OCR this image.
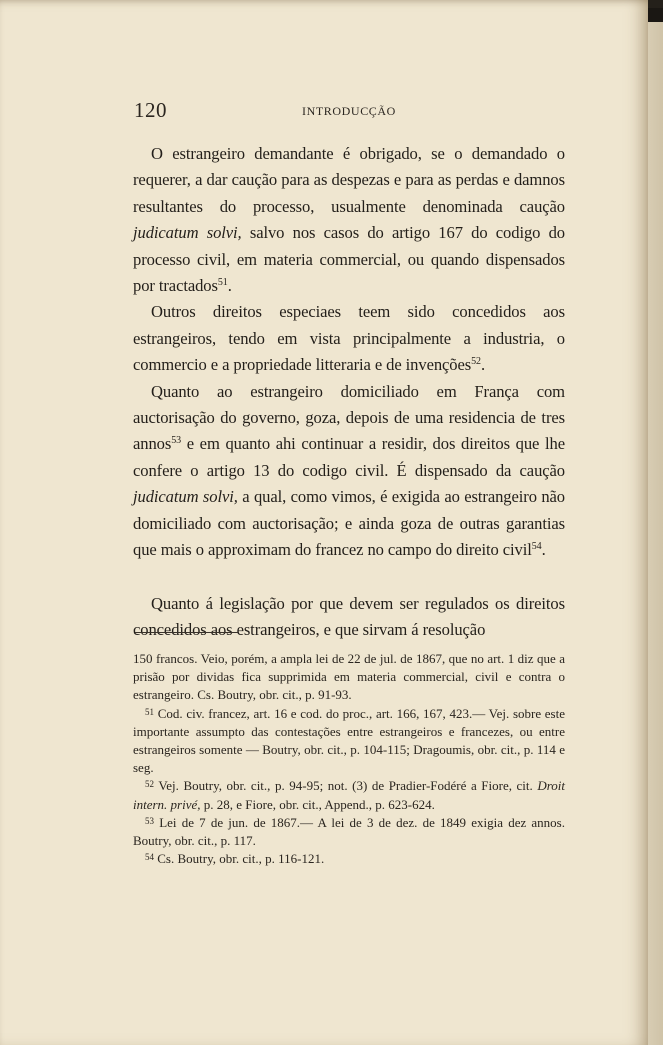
120	INTRODUCÇÃO

O estrangeiro demandante é obrigado, se o demandado o requerer, a dar caução para as despezas e para as perdas e damnos resultantes do processo, usualmente denominada caução judicatum solvi, salvo nos casos do artigo 167 do codigo do processo civil, em materia commercial, ou quando dispensados por tractados$^{51}$.

Outros direitos especiaes teem sido concedidos aos estrangeiros, tendo em vista principalmente a industria, o commercio e a propriedade litteraria e de invenções$^{52}$.

Quanto ao estrangeiro domiciliado em França com auctorisação do governo, goza, depois de uma residencia de tres annos$^{53}$ e em quanto ahi continuar a residir, dos direitos que lhe confere o artigo 13 do codigo civil. É dispensado da caução judicatum solvi, a qual, como vimos, é exigida ao estrangeiro não domiciliado com auctorisação; e ainda goza de outras garantias que mais o approximam do francez no campo do direito civil$^{54}$.

Quanto á legislação por que devem ser regulados os direitos concedidos aos estrangeiros, e que sirvam á resolução

150 francos. Veio, porém, a ampla lei de 22 de jul. de 1867, que no art. 1 diz que a prisão por dividas fica supprimida em materia commercial, civil e contra o estrangeiro. Cs. Boutry, obr. cit., p. 91-93.

$^{51}$ Cod. civ. francez, art. 16 e cod. do proc., art. 166, 167, 423.— Vej. sobre este importante assumpto das contestações entre estrangeiros e francezes, ou entre estrangeiros somente — Boutry, obr. cit., p. 104-115; Dragoumis, obr. cit., p. 114 e seg.

$^{52}$ Vej. Boutry, obr. cit., p. 94-95; not. (3) de Pradier-Fodéré a Fiore, cit. Droit intern. privé, p. 28, e Fiore, obr. cit., Append., p. 623-624.

$^{53}$ Lei de 7 de jun. de 1867.— A lei de 3 de dez. de 1849 exigia dez annos. Boutry, obr. cit., p. 117.

$^{54}$ Cs. Boutry, obr. cit., p. 116-121.
